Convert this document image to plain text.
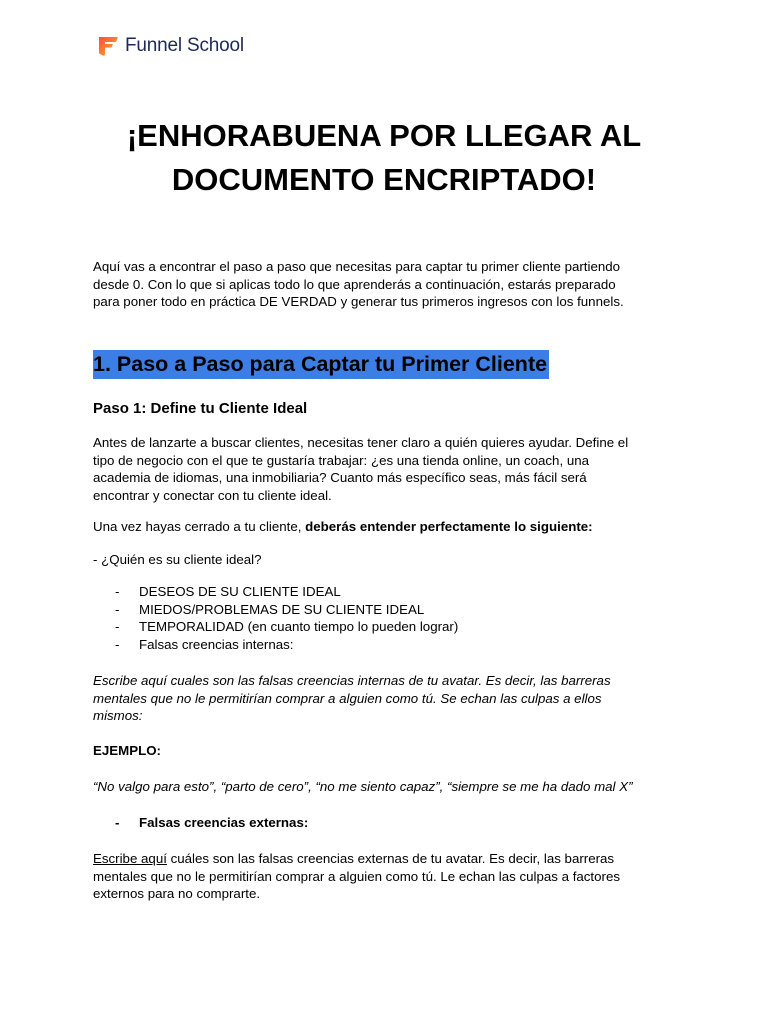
Funnel School
¡ENHORABUENA POR LLEGAR AL
DOCUMENTO ENCRIPTADO!

Aquí vas a encontrar el paso a paso que necesitas para captar tu primer cliente partiendo
desde 0. Con lo que si aplicas todo lo que aprenderás a continuación, estarás preparado
para poner todo en práctica DE VERDAD y generar tus primeros ingresos con los funnels.

1. Paso a Paso para Captar tu Primer Cliente
Paso 1: Define tu Cliente Ideal

Antes de lanzarte a buscar clientes, necesitas tener claro a quién quieres ayudar. Define el
tipo de negocio con el que te gustaría trabajar: ¿es una tienda online, un coach, una
academia de idiomas, una inmobiliaria? Cuanto más específico seas, más fácil será
encontrar y conectar con tu cliente ideal.

Una vez hayas cerrado a tu cliente, deberás entender perfectamente lo siguiente:

- ¿Quién es su cliente ideal?

- DESEOS DE SU CLIENTE IDEAL
- MIEDOS/PROBLEMAS DE SU CLIENTE IDEAL
- TEMPORALIDAD (en cuanto tiempo lo pueden lograr)
- Falsas creencias internas:

Escribe aquí cuales son las falsas creencias internas de tu avatar. Es decir, las barreras
mentales que no le permitirían comprar a alguien como tú. Se echan las culpas a ellos
mismos:

EJEMPLO:

“No valgo para esto”, “parto de cero”, “no me siento capaz”, “siempre se me ha dado mal X”

- Falsas creencias externas:

Escribe aquí cuáles son las falsas creencias externas de tu avatar. Es decir, las barreras
mentales que no le permitirían comprar a alguien como tú. Le echan las culpas a factores
externos para no comprarte.
